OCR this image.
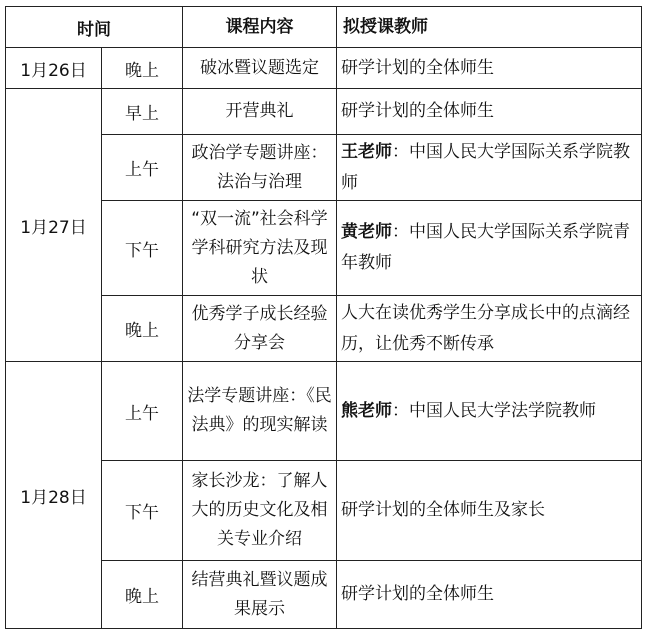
时间		课程内容	拟授课教师
1月26日	晚上	破冰暨议题选定	研学计划的全体师生
1月27日	早上	开营典礼	研学计划的全体师生
	上午	政治学专题讲座：法治与治理	王老师：中国人民大学国际关系学院教师
	下午	“双一流”社会科学学科研究方法及现状	黄老师：中国人民大学国际关系学院青年教师
	晚上	优秀学子成长经验分享会	人大在读优秀学生分享成长中的点滴经历，让优秀不断传承
1月28日	上午	法学专题讲座：《民法典》的现实解读	熊老师：中国人民大学法学院教师
	下午	家长沙龙：了解人大的历史文化及相关专业介绍	研学计划的全体师生及家长
	晚上	结营典礼暨议题成果展示	研学计划的全体师生
